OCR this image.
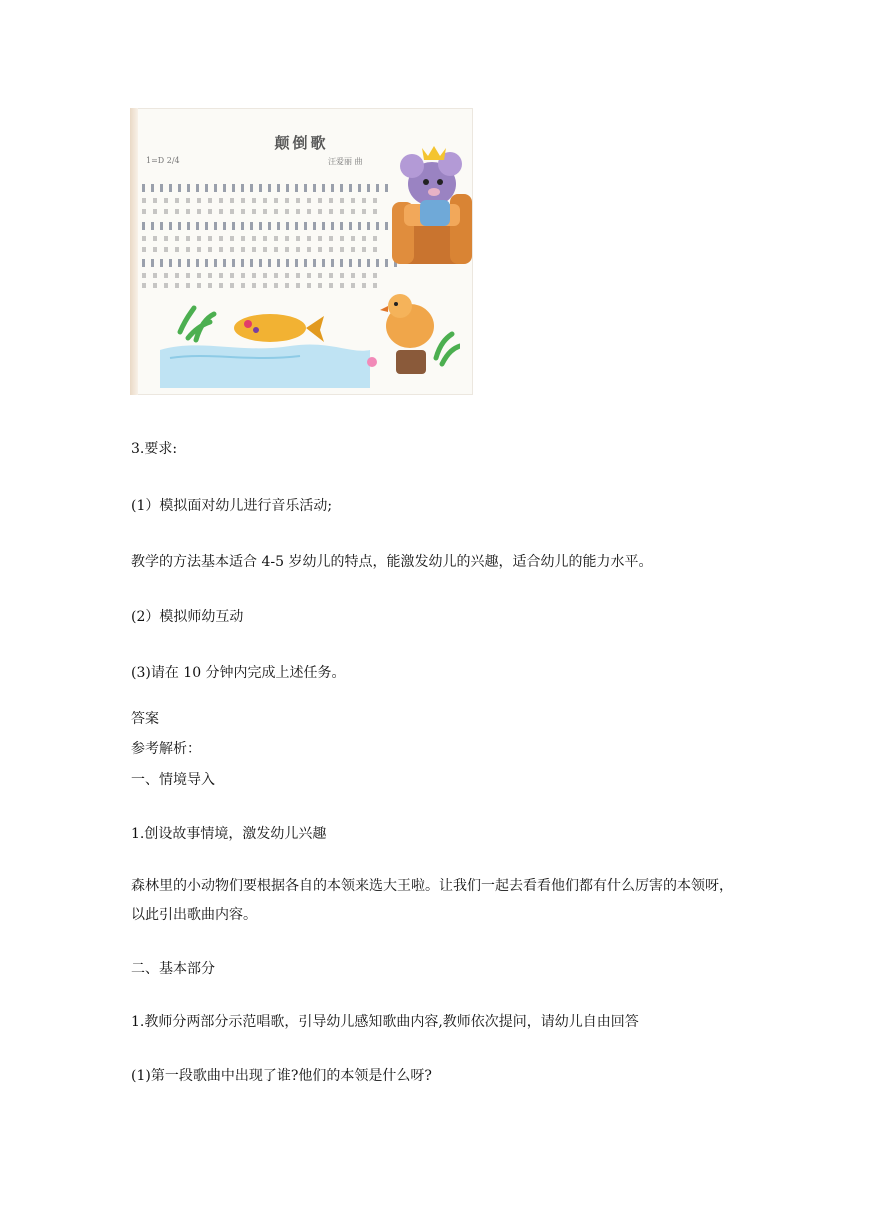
颠倒歌
1=D 2/4	汪爱丽 曲
3.要求:
(1）模拟面对幼儿进行音乐活动;
教学的方法基本适合 4-5 岁幼儿的特点，能激发幼儿的兴趣，适合幼儿的能力水平。
(2）模拟师幼互动
(3)请在 10 分钟内完成上述任务。
答案
参考解析：
一、情境导入
1.创设故事情境，激发幼儿兴趣
森林里的小动物们要根据各自的本领来选大王啦。让我们一起去看看他们都有什么厉害的本领呀，以此引出歌曲内容。
二、基本部分
1.教师分两部分示范唱歌，引导幼儿感知歌曲内容,教师依次提问，请幼儿自由回答
(1)第一段歌曲中出现了谁?他们的本领是什么呀?
